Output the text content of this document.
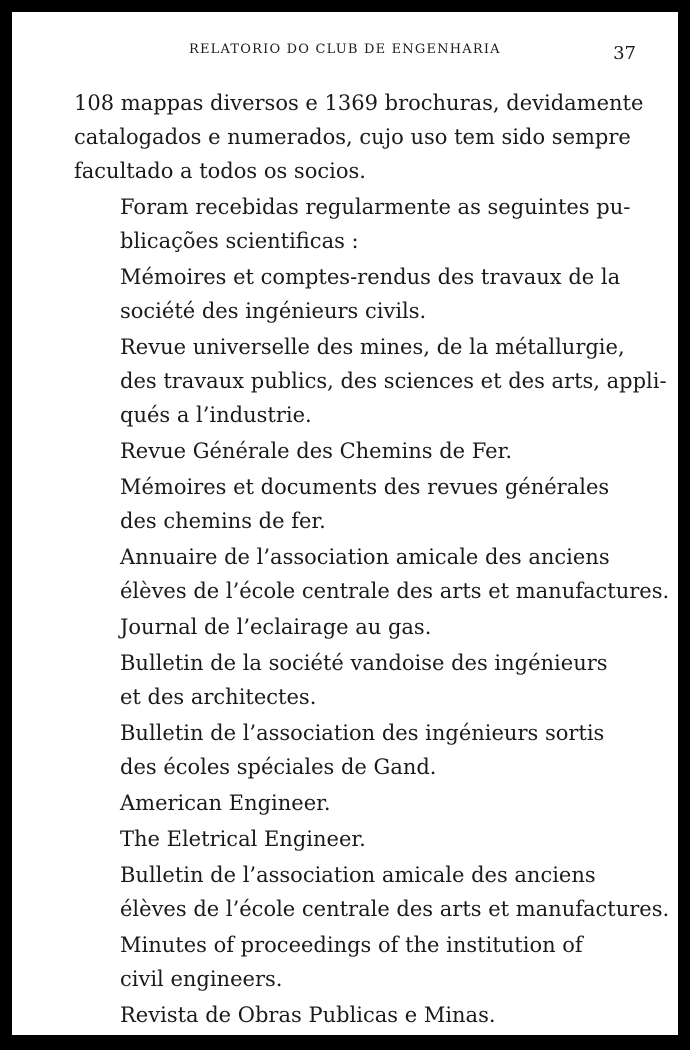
RELATORIO DO CLUB DE ENGENHARIA	37

108 mappas diversos e 1369 brochuras, devidamente
catalogados e numerados, cujo uso tem sido sempre
facultado a todos os socios.

Foram recebidas regularmente as seguintes pu-
blicações scientificas :

Mémoires et comptes-rendus des travaux de la
société des ingénieurs civils.

Revue universelle des mines, de la métallurgie,
des travaux publics, des sciences et des arts, appli-
qués a l’industrie.

Revue Générale des Chemins de Fer.

Mémoires et documents des revues générales
des chemins de fer.

Annuaire de l’association amicale des anciens
élèves de l’école centrale des arts et manufactures.

Journal de l’eclairage au gas.

Bulletin de la société vandoise des ingénieurs
et des architectes.

Bulletin de l’association des ingénieurs sortis
des écoles spéciales de Gand.

American Engineer.

The Eletrical Engineer.

Bulletin de l’association amicale des anciens
élèves de l’école centrale des arts et manufactures.

Minutes of proceedings of the institution of
civil engineers.

Revista de Obras Publicas e Minas.
